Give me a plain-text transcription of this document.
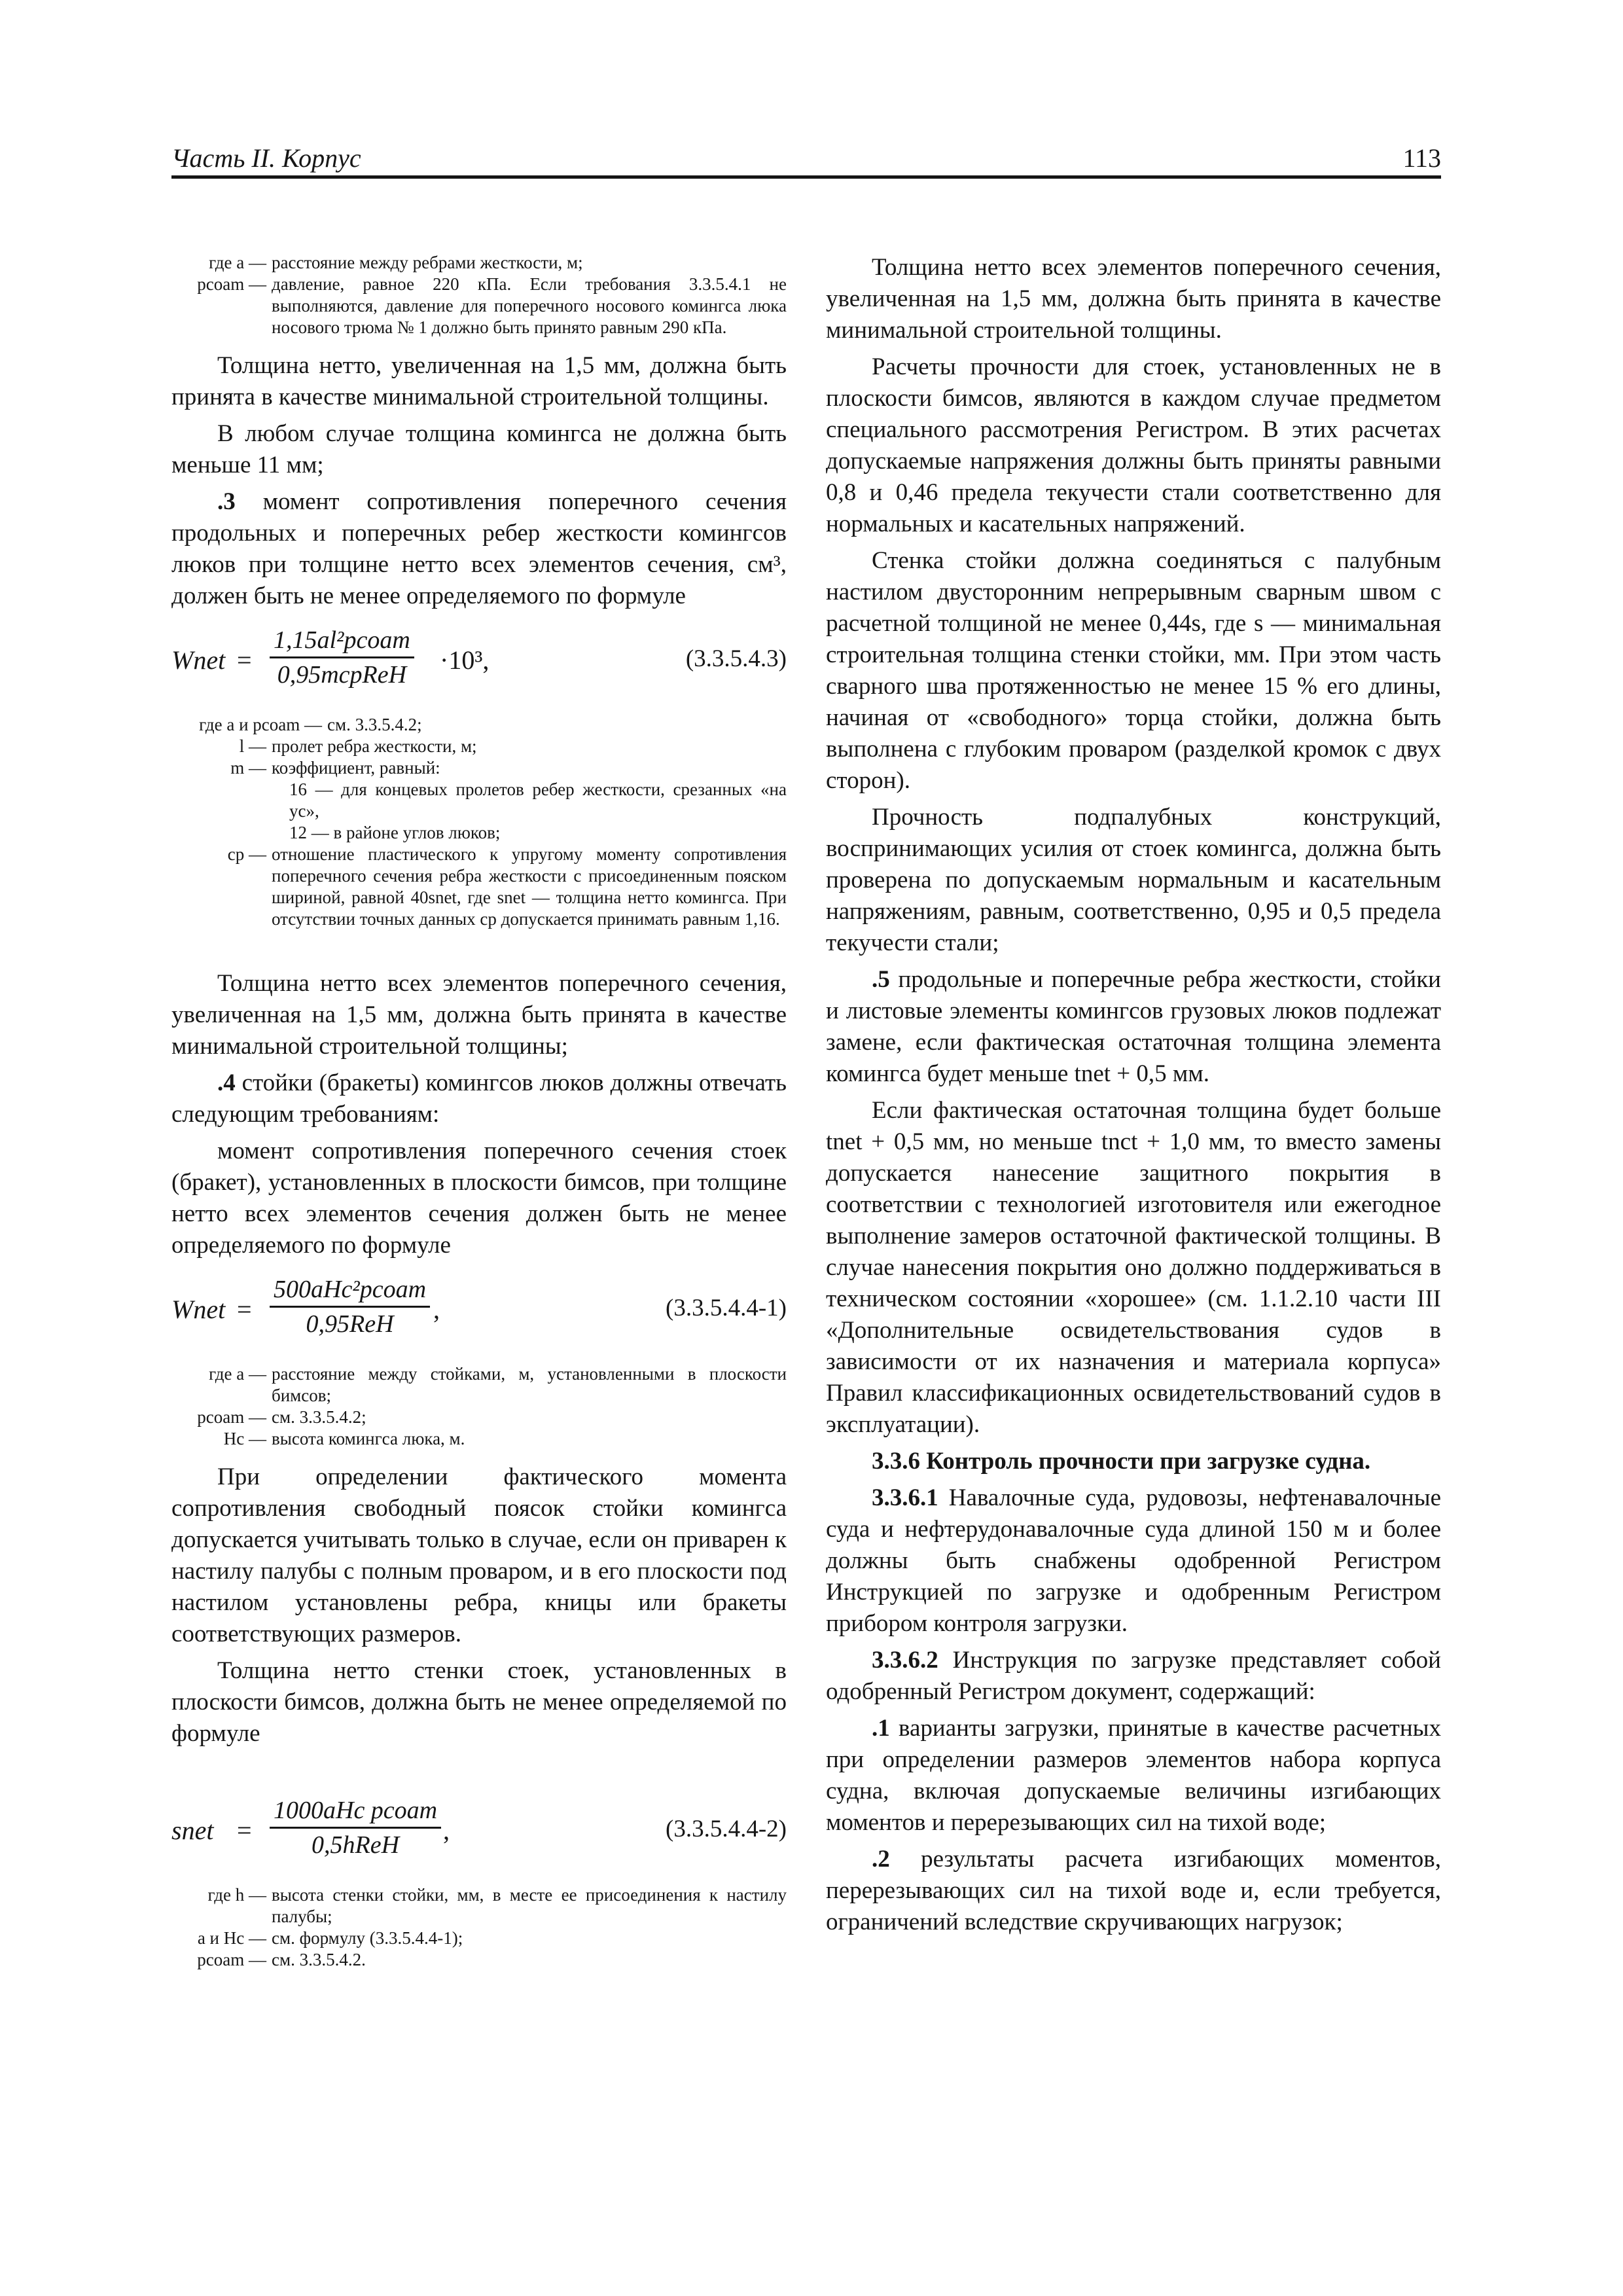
Часть II. Корпус	113
где a — расстояние между ребрами жесткости, м;
pcoam — давление, равное 220 кПа. Если требования 3.3.5.4.1 не выполняются, давление для поперечного носового комингса люка носового трюма № 1 должно быть принято равным 290 кПа.

Толщина нетто, увеличенная на 1,5 мм, должна быть принята в качестве минимальной строительной толщины.

В любом случае толщина комингса не должна быть меньше 11 мм;

.3 момент сопротивления поперечного сечения продольных и поперечных ребер жесткости комингсов люков при толщине нетто всех элементов сечения, см³, должен быть не менее определяемого по формуле

Wnet =
1,15al²pcoam
0,95mcpReH ·10³,	(3.3.5.4.3)
где a и pcoam — см. 3.3.5.4.2;
l — пролет ребра жесткости, м;
m — коэффициент, равный:
16 — для концевых пролетов ребер жесткости, срезанных «на ус»,
12 — в районе углов люков;
cp — отношение пластического к упругому моменту сопротивления поперечного сечения ребра жесткости с присоединенным пояском шириной, равной 40snet, где snet — толщина нетто комингса. При отсутствии точных данных cp допускается принимать равным 1,16.

Толщина нетто всех элементов поперечного сечения, увеличенная на 1,5 мм, должна быть принята в качестве минимальной строительной толщины;

.4 стойки (бракеты) комингсов люков должны отвечать следующим требованиям:

момент сопротивления поперечного сечения стоек (бракет), установленных в плоскости бимсов, при толщине нетто всех элементов сечения должен быть не менее определяемого по формуле

Wnet =
500aHc²pcoam
0,95ReH	,	(3.3.5.4.4-1)
где a — расстояние между стойками, м, установленными в плоскости бимсов;
pcoam — см. 3.3.5.4.2;
Hc — высота комингса люка, м.

При определении фактического момента сопротивления свободный поясок стойки комингса допускается учитывать только в случае, если он приварен к настилу палубы с полным проваром, и в его плоскости под настилом установлены ребра, кницы или бракеты соответствующих размеров.

Толщина нетто стенки стоек, установленных в плоскости бимсов, должна быть не менее определяемой по формуле

snet =
1000aHc pcoam
0,5hReH	,	(3.3.5.4.4-2)
где h — высота стенки стойки, мм, в месте ее присоединения к настилу палубы;
a и Hc — см. формулу (3.3.5.4.4-1);
pcoam — см. 3.3.5.4.2.

Толщина нетто всех элементов поперечного сечения, увеличенная на 1,5 мм, должна быть принята в качестве минимальной строительной толщины.

Расчеты прочности для стоек, установленных не в плоскости бимсов, являются в каждом случае предметом специального рассмотрения Регистром. В этих расчетах допускаемые напряжения должны быть приняты равными 0,8 и 0,46 предела текучести стали соответственно для нормальных и касательных напряжений.

Стенка стойки должна соединяться с палубным настилом двусторонним непрерывным сварным швом с расчетной толщиной не менее 0,44s, где s — минимальная строительная толщина стенки стойки, мм. При этом часть сварного шва протяженностью не менее 15 % его длины, начиная от «свободного» торца стойки, должна быть выполнена с глубоким проваром (разделкой кромок с двух сторон).

Прочность подпалубных конструкций, воспринимающих усилия от стоек комингса, должна быть проверена по допускаемым нормальным и касательным напряжениям, равным, соответственно, 0,95 и 0,5 предела текучести стали;

.5 продольные и поперечные ребра жесткости, стойки и листовые элементы комингсов грузовых люков подлежат замене, если фактическая остаточная толщина элемента комингса будет меньше tnet + 0,5 мм.

Если фактическая остаточная толщина будет больше tnet + 0,5 мм, но меньше tnct + 1,0 мм, то вместо замены допускается нанесение защитного покрытия в соответствии с технологией изготовителя или ежегодное выполнение замеров остаточной фактической толщины. В случае нанесения покрытия оно должно поддерживаться в техническом состоянии «хорошее» (см. 1.1.2.10 части III «Дополнительные освидетельствования судов в зависимости от их назначения и материала корпуса» Правил классификационных освидетельствований судов в эксплуатации).

3.3.6 Контроль прочности при загрузке судна.

3.3.6.1 Навалочные суда, рудовозы, нефтенавалочные суда и нефтерудонавалочные суда длиной 150 м и более должны быть снабжены одобренной Регистром Инструкцией по загрузке и одобренным Регистром прибором контроля загрузки.

3.3.6.2 Инструкция по загрузке представляет собой одобренный Регистром документ, содержащий:

.1 варианты загрузки, принятые в качестве расчетных при определении размеров элементов набора корпуса судна, включая допускаемые величины изгибающих моментов и перерезывающих сил на тихой воде;

.2 результаты расчета изгибающих моментов, перерезывающих сил на тихой воде и, если требуется, ограничений вследствие скручивающих нагрузок;
